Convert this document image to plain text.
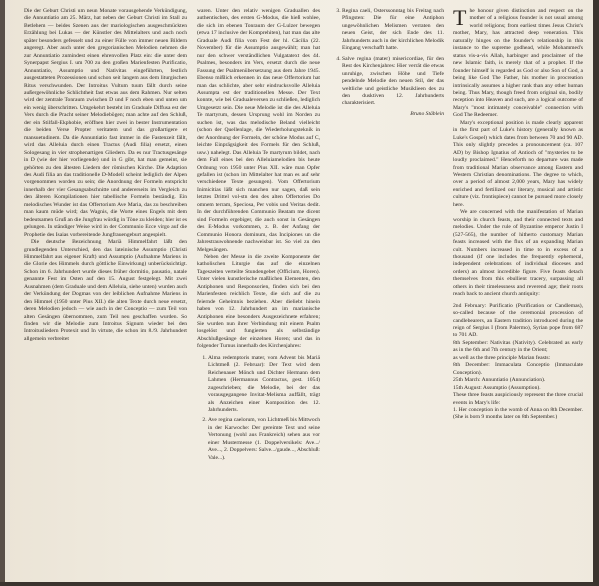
Die der Geburt Christi um neun Monate vorausgehende Verkündigung, die Annuntiatio am 25. März, hat neben der Geburt Christi im Stall zu Betlehem — beides Szenen aus der mariologischen ausgeschmückten Erzählung bei Lukas — der Künstler des Mittelalters und auch noch später besonders gefesselt und zu einer Fülle von immer neuen Bildern angeregt. Aber auch unter den gregorianischen Melodien nehmen die zur Annuntiatio zumindest einen ehrenvollen Platz ein: die unter dem Synerpapst Sergius I. um 700 zu den großen Marienfesten Purificatio, Annuntiatio, Assumptio und Nativitas eingeführten, festlich ausgestatteten Prozessionen und schon seit langem aus dem liturgischen Ritus verschwunden. Der Introitus Vultum tuum fällt durch seine außergewöhnliche Schlichtheit fast etwas aus dem Rahmen. Nur selten wird der zentrale Tonraum zwischen D und F noch eben und unten um ein wenig überschritten. Umgekehrt besteht im Graduale Diffusa est der Vers durch die Pracht seiner Melodiebögen; man achte auf den Schluß, der ein Stilfall-Ekphobie, eröffnen hier zwei in bester Instrumentation die beiden Verse Propter veritatem und das großartigere et mansuetudinem. Da die Annuntiatio fast immer in die Fastenzeit fällt, wird das Alleluia durch einen Tractus (Audi filia) ersetzt, einen Sologesang in vier strophenartigen Gliedern. Da es nur Tractusgesänge in D (wie der hier vorliegende) und in G gibt, hat man gemeint, sie gehörten zu den ältesten Liedern der römischen Kirche. Die Adaption des Audi filia an das traditionelle D-Modell scheint lediglich der Alpen vorgenommen worden zu sein; die Anordnung der Formeln entspricht innerhalb der vier Gesangsabschnitte und andererseits im Vergleich zu den älteren Kompilationen hier tabellische Formeln beständig. Ein melodisches Wunder ist das Offertorium Ave Maria, das zu beschreiben man kaum müde wird; das Wagnis, die Worte eines Engels mit dem bedeutsamen Gruß an die Jungfrau würdig in Töne zu kleiden; hier ist es gelungen. In ständiger Weise wird in der Communio Ecce virgo auf die Prophetie des Isaias vorbereitende Jungfrauengeburt angespielt.

Die deutsche Bezeichnung Mariä Himmelfahrt läßt den grundlegenden Unterschied, den das lateinische Assumptio (Christi Himmelfahrt aus eigener Kraft) und Assumptio (Aufnahme Mariens in die Glorie des Himmels durch göttliche Einwirkung) unberücksichtigt. Schon im 6. Jahrhundert wurde dieses früher dormitio, pausatio, natale genannte Fest im Osten auf den 15. August festgelegt. Mit zwei Ausnahmen (dem Graduale und dem Alleluia, siehe unten) wurden auch der Verkündung der Dogmas von der leiblichen Aufnahme Mariens in den Himmel (1950 unter Pius XII.) die alten Texte durch neue ersetzt, deren Melodien jedoch — wie auch in der Conceptio — zum Teil von alten Gesängen übernommen, zum Teil neu geschaffen wurden. So finden wir die Melodie zum Introitus Signum wieder bei den Introitusliedern Protexit und In virtute, die schon im 8./9. Jahrhundert allgemein verbreitet

waren. Unter den relativ wenigen Graduallen des authentischen, des ersten G-Modus, die hieß wohlee, die sich im ebenen Tonraum der G-Lulzer bewegen (etwa 17 inclusive der Komprehiten), hat man das alte Graduale Audi filia vom Fest der hl. Cäcilia (22. November) für die Assumptio ausgewählt; man hat nur den schwer verständlichen Vulgatatext des 44. Psalmes, besonders im Vers, ersetzt durch die neue Fassung der Psalmenübersetzung aus dem Jahre 1945. Ebenso mißlich erkennen in das neue Offertorium hat man das schlichte, aber sehr eindrucksvolle Alleluia Assumpta est der traditionellen Messe. Der Text konnte, wie bei Gradualeversen zu schließen, lediglich Umgesetzt sein. Die neue Melodie ist die des Alleluia Te martyrum, dessen Ursprung wohl im Norden zu suchen ist, was das melodische Beland vielleicht (schon der Quellenlage, die Wiederholungsteknik in der Anordnung der Formeln, der schöne Modus auf C, leichte Einprägsigkeit des Formels für den Schluß, usw.) nahelegt. Das Alleluia Te martyrum bildet, nach dem Fall eines bei den Alleluiamelodien bis heute Ordnung von 1950 unter Pius XII. wäre man Opfer gefallen ist (schon im Mittelalter hat man es auf sehr verschiedene Texte gesungen). Vom Offertorium Inimicitias läßt sich manchen nur sagen, daß sein letztes Drittel vol-stn den des alten Offertories Do omnem terram, Speciosa, Per vobis und Veritas dedit. In der durchführenden Communio Beatam me dicent sind Formeln ergebiger, die auch sonst in Gesängen des E-Modus vorkommen, z. B. der Anfang der Communio Honora dominum, das Incipiones un die Jahrestrauwohnende nachweisbar ist. So viel zu den Melgesängen.

Neben der Messe in die zweite Komponente der katholischen Liturgie das auf die einzelnen Tageszeiten verteilte Stundengebet (Officium, Horen). Unter vielen kunstlerische maßlichen Elementen, den Antiphonen und Responsorien, finden sich bei den Marienfesten reichlich Texte, die sich auf die zu feiernde Geheimnis beziehen. Aber dieliebt hinein haben von 12. Jahrhundert an im marianische Antiphonen eine besonders Ausgezeichnete erfahren; Sie wurden nun ihrer Verbindung mit einem Psalm losgelöst und fungierten als selbständige Abschlußgesänge der einzelnen Horen; und das in folgender Turnus innerhalb des Kirchenjahres:

1. Alma redemptoris mater, vom Advent bis Mariä Lichtmeß (2. Februar): Der Text wird dem Reichenauer Mönch und Dichter Hermann dem Lahmen (Hermannus Contractus, gest. 1054) zugeschrieben; die Melodie, bei der das vorausgegangene Invitat-Melisma auffällt, trägt als Anzeichen einer Komposition des 12. Jahrhunderts.
2. Ave regina caelorum, von Lichtmeß bis Mittwoch in der Karwoche: Der gereimte Text und seine Vertonung (wohl aus Frankreich) sehen aus vor einer Mustermesse (1. Doppelversikels: Ave.../ Ave..., 2. Doppelvers: Salve.../gaude..., Abschluß: Vale...).
3. Regina caeli, Osterssonntag bis Freitag nach Pfingsten: Die für eine Antiphon ungewöhnlichen Melismen verraten den neuen Geist, der sich Ende des 11. Jahrhunderts auch in der kirchlichen Melodik Eingang verschafft hatte.
4. Salve regina (mater) misericordiae, für den Rest des Kirchenjahres: Hier verrät die etwas unruhige, zwischen Höhe und Tiefe pendelnde Melodie den neuen Stil, der das weltliche und geistliche Musiklieen des zu den dusktiven 12. Jahrhunderts charakterisiert.
Bruno Stäblein

The honour given distinction and respect on the mother of a religious founder is not usual among world religions; from earliest times Jesus Christ's mother, Mary, has attracted deep veneration. This naturally hinges on the founder's relationship in this instance to the supreme godhead, while Mohammed's status vis-a-vis Allah, harbinger and proclaimer of the new Islamic faith, is merely that of a prophet. If the founder himself is regarded as God or also Son of God, a being like God The Father, his mother in procreation intrinsically assumes a higher rank than any other human being. Thus Mary, though freed from original sin, bodily reception into Heaven and such, are a logical outcome of Mary's "most intimately conceivable" connection with God The Redeemer.

Mary's exceptional position is made clearly apparent in the first part of Luke's history (generally known as Luke's Gospel) which dates from between 70 and 90 AD. This only slightly precedes a pronouncement (ca. 107 AD) by Bishop Ignatius of Antioch of "mysteries to be loudly proclaimed." Henceforth no departure was made from traditional Marian observance among Eastern and Western Christian denominations. The degree to which, over a period of almost 2,000 years, Mary has widely enriched and fertilized our literary, musical and artistic culture (viz. frontispiece) cannot be pursued more closely here.

We are concerned with the manifestation of Marian worship in church feasts, and their connected texts and melodies. Under the rule of Byzantine emperor Justin I (527-565), the number of hitherto customary Marian feasts increased with the flux of an expanding Marian cult. Numbers increased in time to in excess of a thousand (if one includes the frequently ephemeral, independent celebrations of individual dioceses and orders) an almost incredible figure. Five feasts detach themselves from this ebullient tracery, surpassing all others in their timelessness and reverend age; their roots reach back to ancient church antiquity:

2nd February: Purificatio (Purification or Candlemas), so-called because of the ceremonial procession of candlebearers, an Eastern tradition introduced during the reign of Sergius I (from Palermo), Syrian pope from 687 to 701 AD.

8th September: Nativitas (Nativity). Celebrated as early as in the 6th and 7th century in the Orient;

as well as the three principle Marian feasts:

8th December: Immaculata Conceptio (Immaculate Conception).

25th March: Annuntiatio (Annunciation).

15th August: Assumptio (Assumption).

These three feasts auspiciously represent the three crucial events in Mary's life:

1. Her conception in the womb of Anna on 8th December. (She is born 9 months later on 8th September.)
